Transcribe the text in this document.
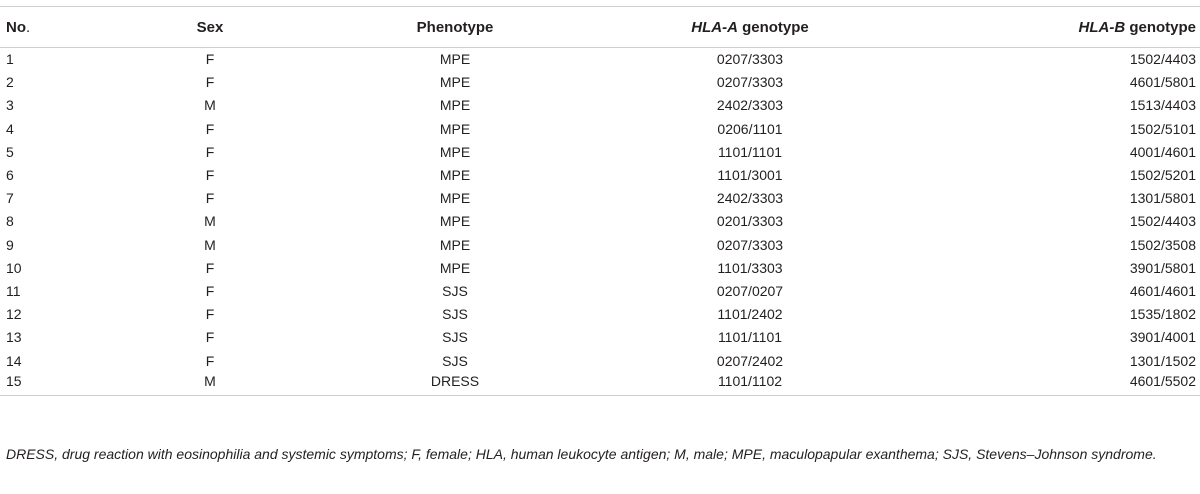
No.	Sex	Phenotype	HLA-A genotype	HLA-B genotype
1	F	MPE	0207/3303	1502/4403
2	F	MPE	0207/3303	4601/5801
3	M	MPE	2402/3303	1513/4403
4	F	MPE	0206/1101	1502/5101
5	F	MPE	1101/1101	4001/4601
6	F	MPE	1101/3001	1502/5201
7	F	MPE	2402/3303	1301/5801
8	M	MPE	0201/3303	1502/4403
9	M	MPE	0207/3303	1502/3508
10	F	MPE	1101/3303	3901/5801
11	F	SJS	0207/0207	4601/4601
12	F	SJS	1101/2402	1535/1802
13	F	SJS	1101/1101	3901/4001
14	F	SJS	0207/2402	1301/1502
15	M	DRESS	1101/1102	4601/5502
DRESS, drug reaction with eosinophilia and systemic symptoms; F, female; HLA, human leukocyte antigen; M, male; MPE, maculopapular exanthema; SJS, Stevens–Johnson syndrome.
